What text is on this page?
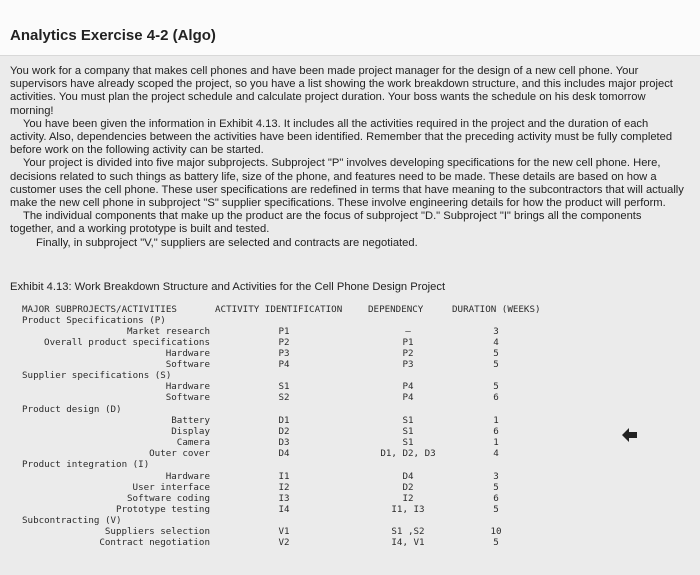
Analytics Exercise 4-2 (Algo)

You work for a company that makes cell phones and have been made project manager for the design of a new cell phone. Your supervisors have already scoped the project, so you have a list showing the work breakdown structure, and this includes major project activities. You must plan the project schedule and calculate project duration. Your boss wants the schedule on his desk tomorrow morning!

You have been given the information in Exhibit 4.13. It includes all the activities required in the project and the duration of each activity. Also, dependencies between the activities have been identified. Remember that the preceding activity must be fully completed before work on the following activity can be started.

Your project is divided into five major subprojects. Subproject "P" involves developing specifications for the new cell phone. Here, decisions related to such things as battery life, size of the phone, and features need to be made. These details are based on how a customer uses the cell phone. These user specifications are redefined in terms that have meaning to the subcontractors that will actually make the new cell phone in subproject "S" supplier specifications. These involve engineering details for how the product will perform.

The individual components that make up the product are the focus of subproject "D." Subproject "I" brings all the components together, and a working prototype is built and tested.

Finally, in subproject "V," suppliers are selected and contracts are negotiated.

Exhibit 4.13: Work Breakdown Structure and Activities for the Cell Phone Design Project
MAJOR SUBPROJECTS/ACTIVITIES	ACTIVITY IDENTIFICATION	DEPENDENCY	DURATION (WEEKS)
Product Specifications (P)
Market research	P1	–	3
Overall product specifications	P2	P1	4
Hardware	P3	P2	5
Software	P4	P3	5
Supplier specifications (S)
Hardware	S1	P4	5
Software	S2	P4	6
Product design (D)
Battery	D1	S1	1
Display	D2	S1	6
Camera	D3	S1	1
Outer cover	D4	D1, D2, D3	4
Product integration (I)
Hardware	I1	D4	3
User interface	I2	D2	5
Software coding	I3	I2	6
Prototype testing	I4	I1, I3	5
Subcontracting (V)
Suppliers selection	V1	S1 ,S2	10
Contract negotiation	V2	I4, V1	5
